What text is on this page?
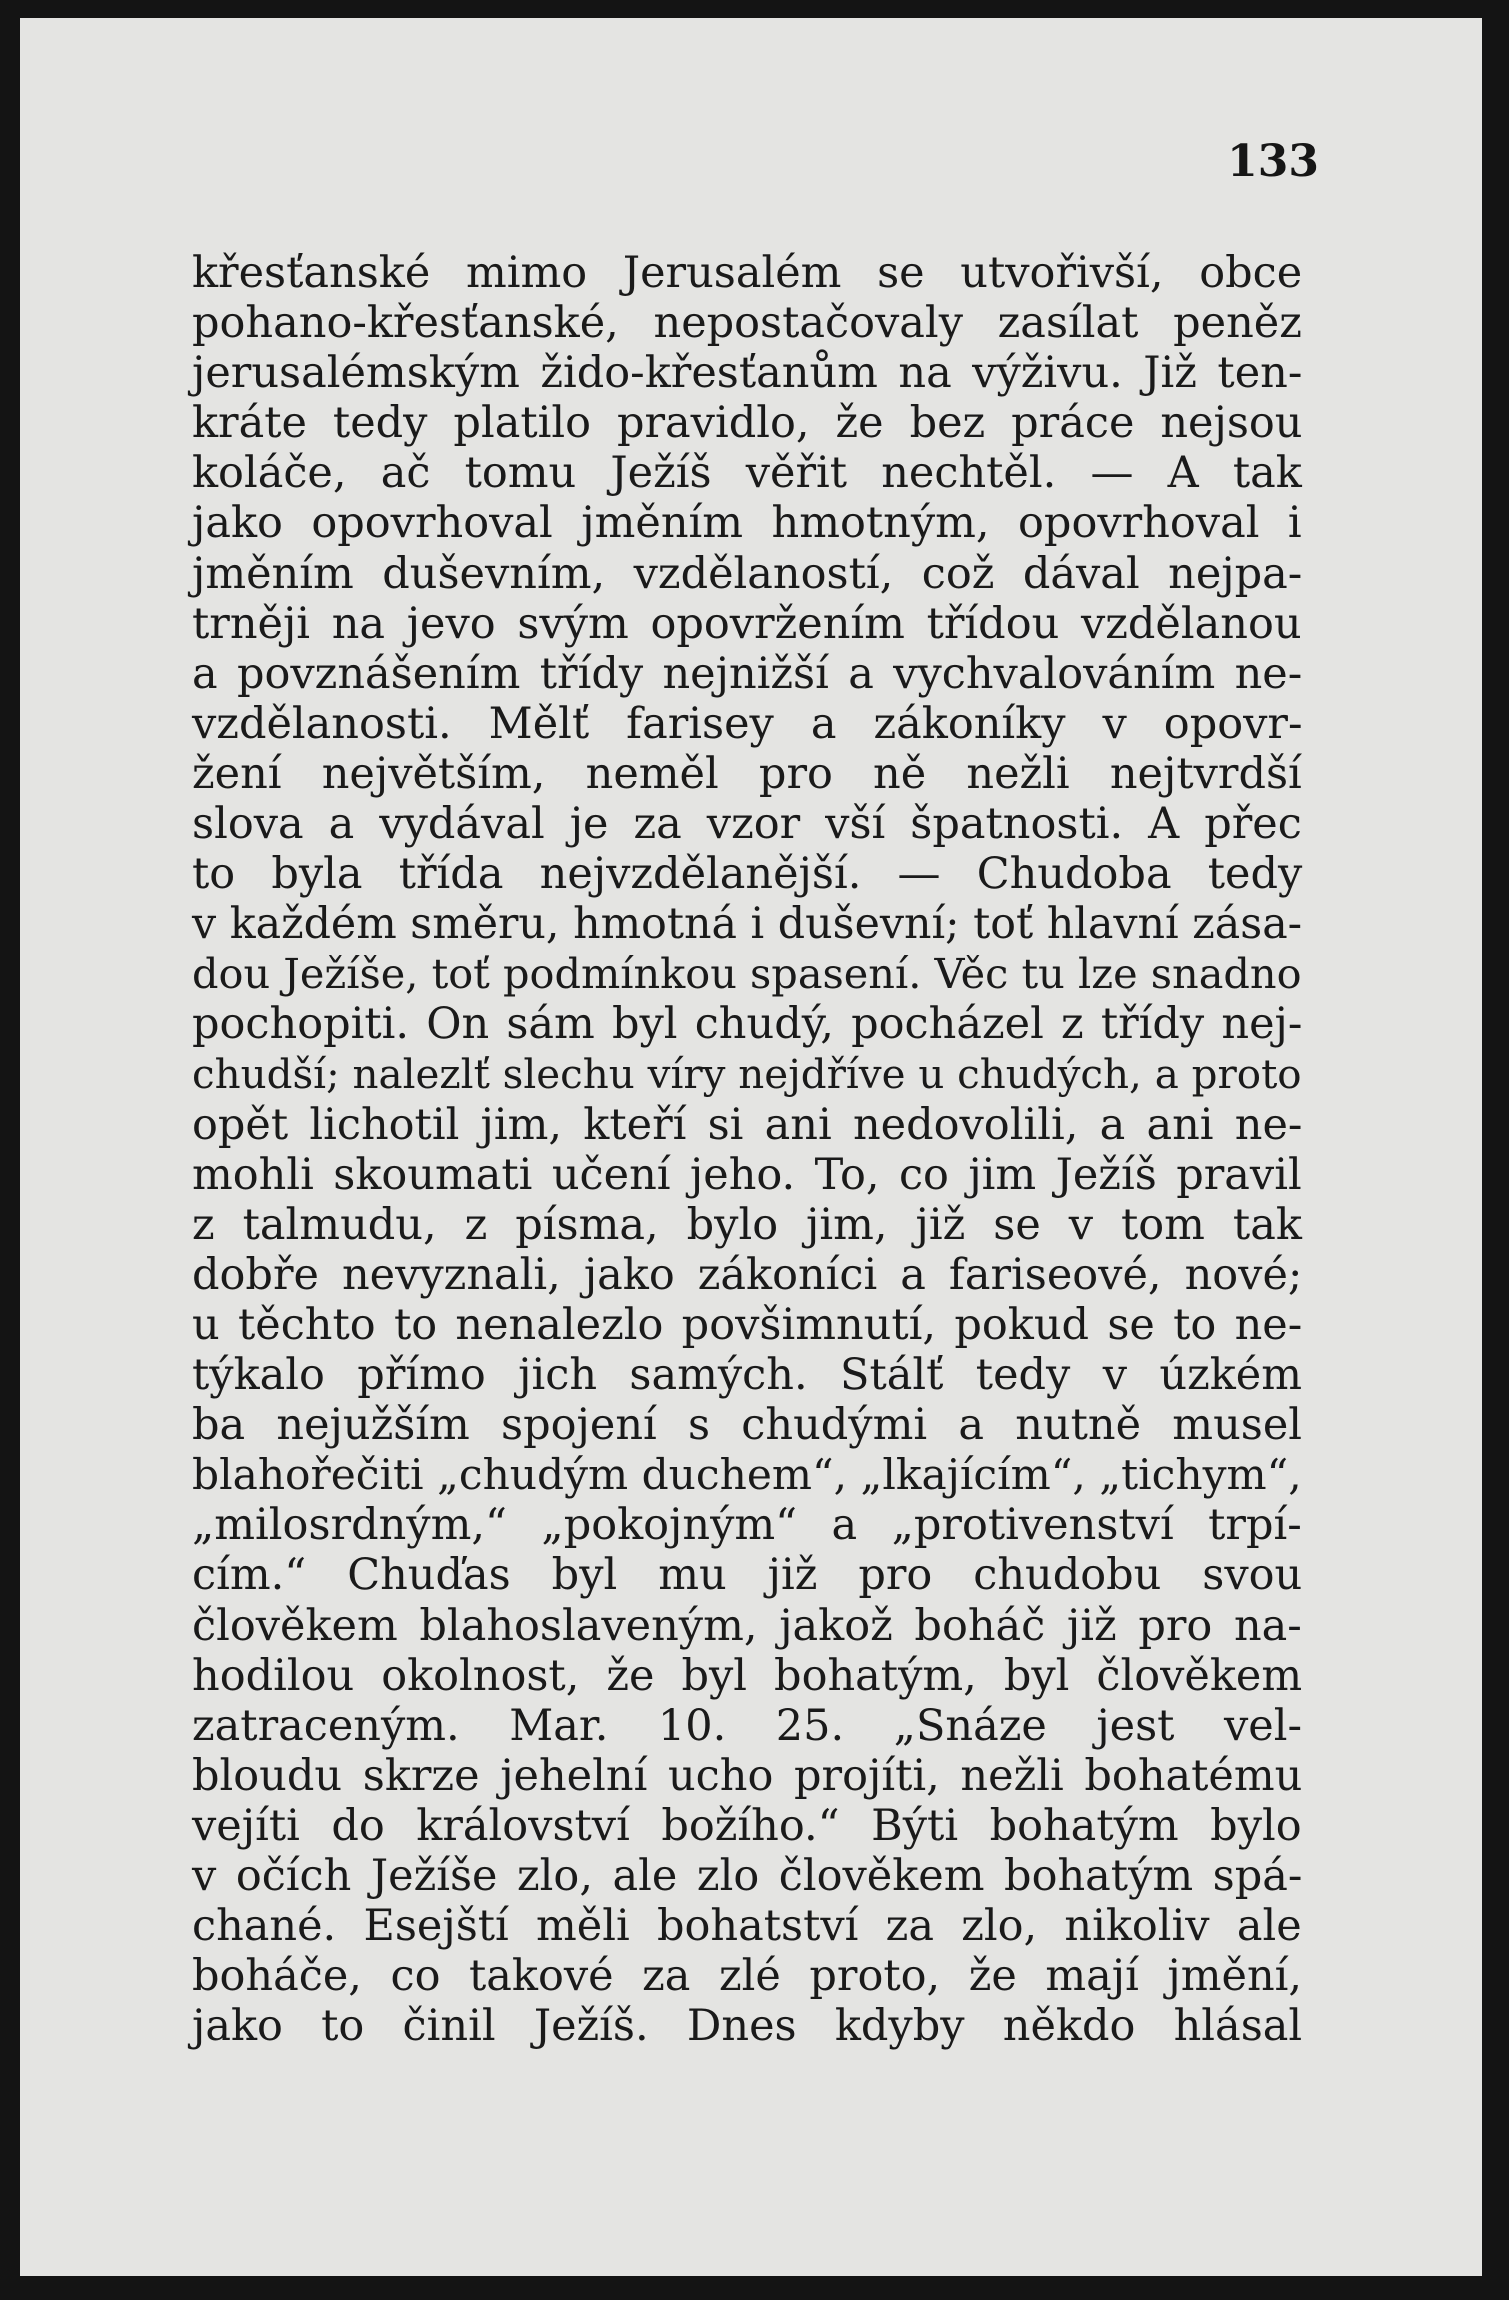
133
křesťanské mimo Jerusalém se utvořivší, obce
pohano-křesťanské, nepostačovaly zasílat peněz
jerusalémským žido-křesťanům na výživu. Již ten-
kráte tedy platilo pravidlo, že bez práce nejsou
koláče, ač tomu Ježíš věřit nechtěl. — A tak
jako opovrhoval jměním hmotným, opovrhoval i
jměním duševním, vzdělaností, což dával nejpa-
trněji na jevo svým opovržením třídou vzdělanou
a povznášením třídy nejnižší a vychvalováním ne-
vzdělanosti. Mělť farisey a zákoníky v opovr-
žení největším, neměl pro ně nežli nejtvrdší
slova a vydával je za vzor vší špatnosti. A přec
to byla třída nejvzdělanější. — Chudoba tedy
v každém směru, hmotná i duševní; toť hlavní zása-
dou Ježíše, toť podmínkou spasení. Věc tu lze snadno
pochopiti. On sám byl chudý, pocházel z třídy nej-
chudší; nalezlť slechu víry nejdříve u chudých, a proto
opět lichotil jim, kteří si ani nedovolili, a ani ne-
mohli skoumati učení jeho. To, co jim Ježíš pravil
z talmudu, z písma, bylo jim, již se v tom tak
dobře nevyznali, jako zákoníci a fariseové, nové;
u těchto to nenalezlo povšimnutí, pokud se to ne-
týkalo přímo jich samých. Stálť tedy v úzkém
ba nejužším spojení s chudými a nutně musel
blahořečiti „chudým duchem“, „lkajícím“, „tichym“,
„milosrdným,“ „pokojným“ a „protivenství trpí-
cím.“ Chuďas byl mu již pro chudobu svou
člověkem blahoslaveným, jakož boháč již pro na-
hodilou okolnost, že byl bohatým, byl člověkem
zatraceným. Mar. 10. 25. „Snáze jest vel-
bloudu skrze jehelní ucho projíti, nežli bohatému
vejíti do království božího.“ Býti bohatým bylo
v očích Ježíše zlo, ale zlo člověkem bohatým spá-
chané. Esejští měli bohatství za zlo, nikoliv ale
boháče, co takové za zlé proto, že mají jmění,
jako to činil Ježíš. Dnes kdyby někdo hlásal
